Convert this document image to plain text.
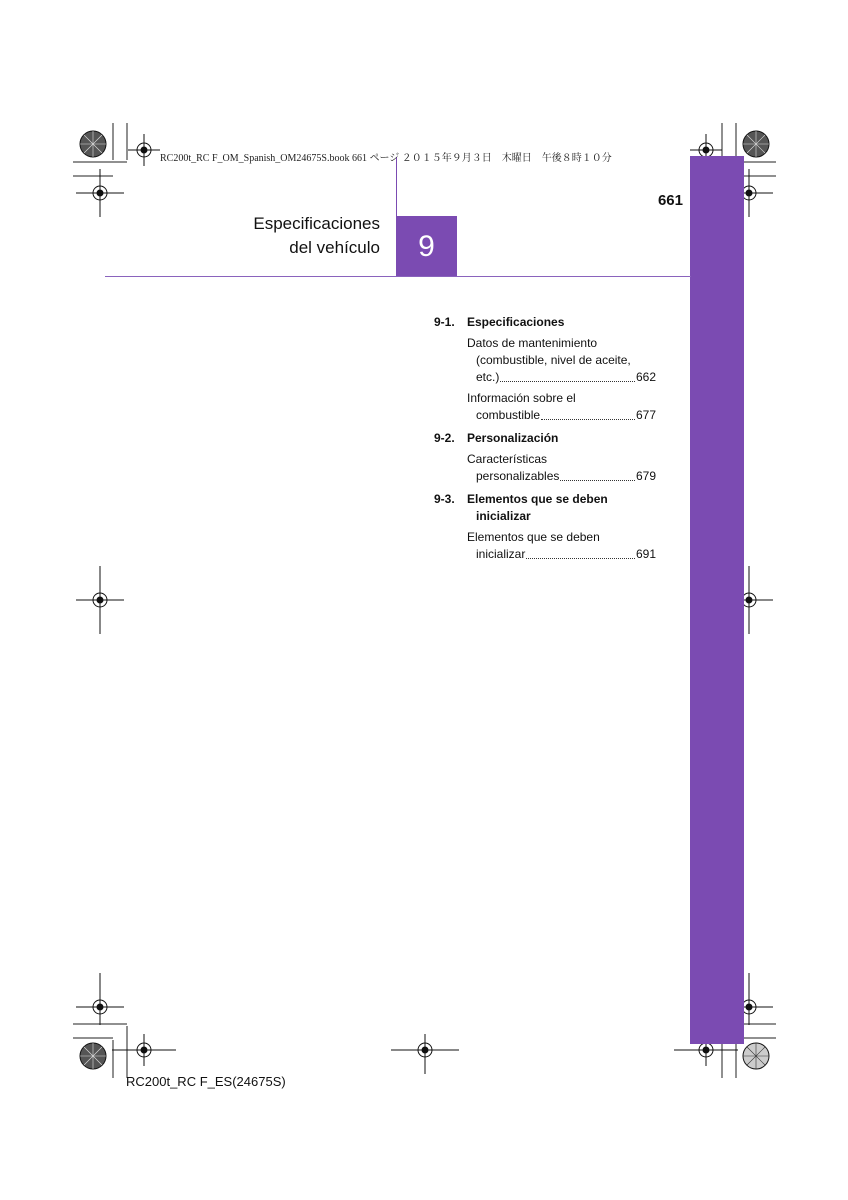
RC200t_RC F_OM_Spanish_OM24675S.book 661 ページ ２０１５年９月３日　木曜日　午後８時１０分
661
Especificaciones
del vehículo	9
9-1.	Especificaciones
Datos de mantenimiento
(combustible, nivel de aceite,
etc.)	662
Información sobre el
combustible	677
9-2.	Personalización
Características
personalizables	679
9-3.	Elementos que se deben
inicializar
Elementos que se deben
inicializar	691
RC200t_RC F_ES(24675S)
